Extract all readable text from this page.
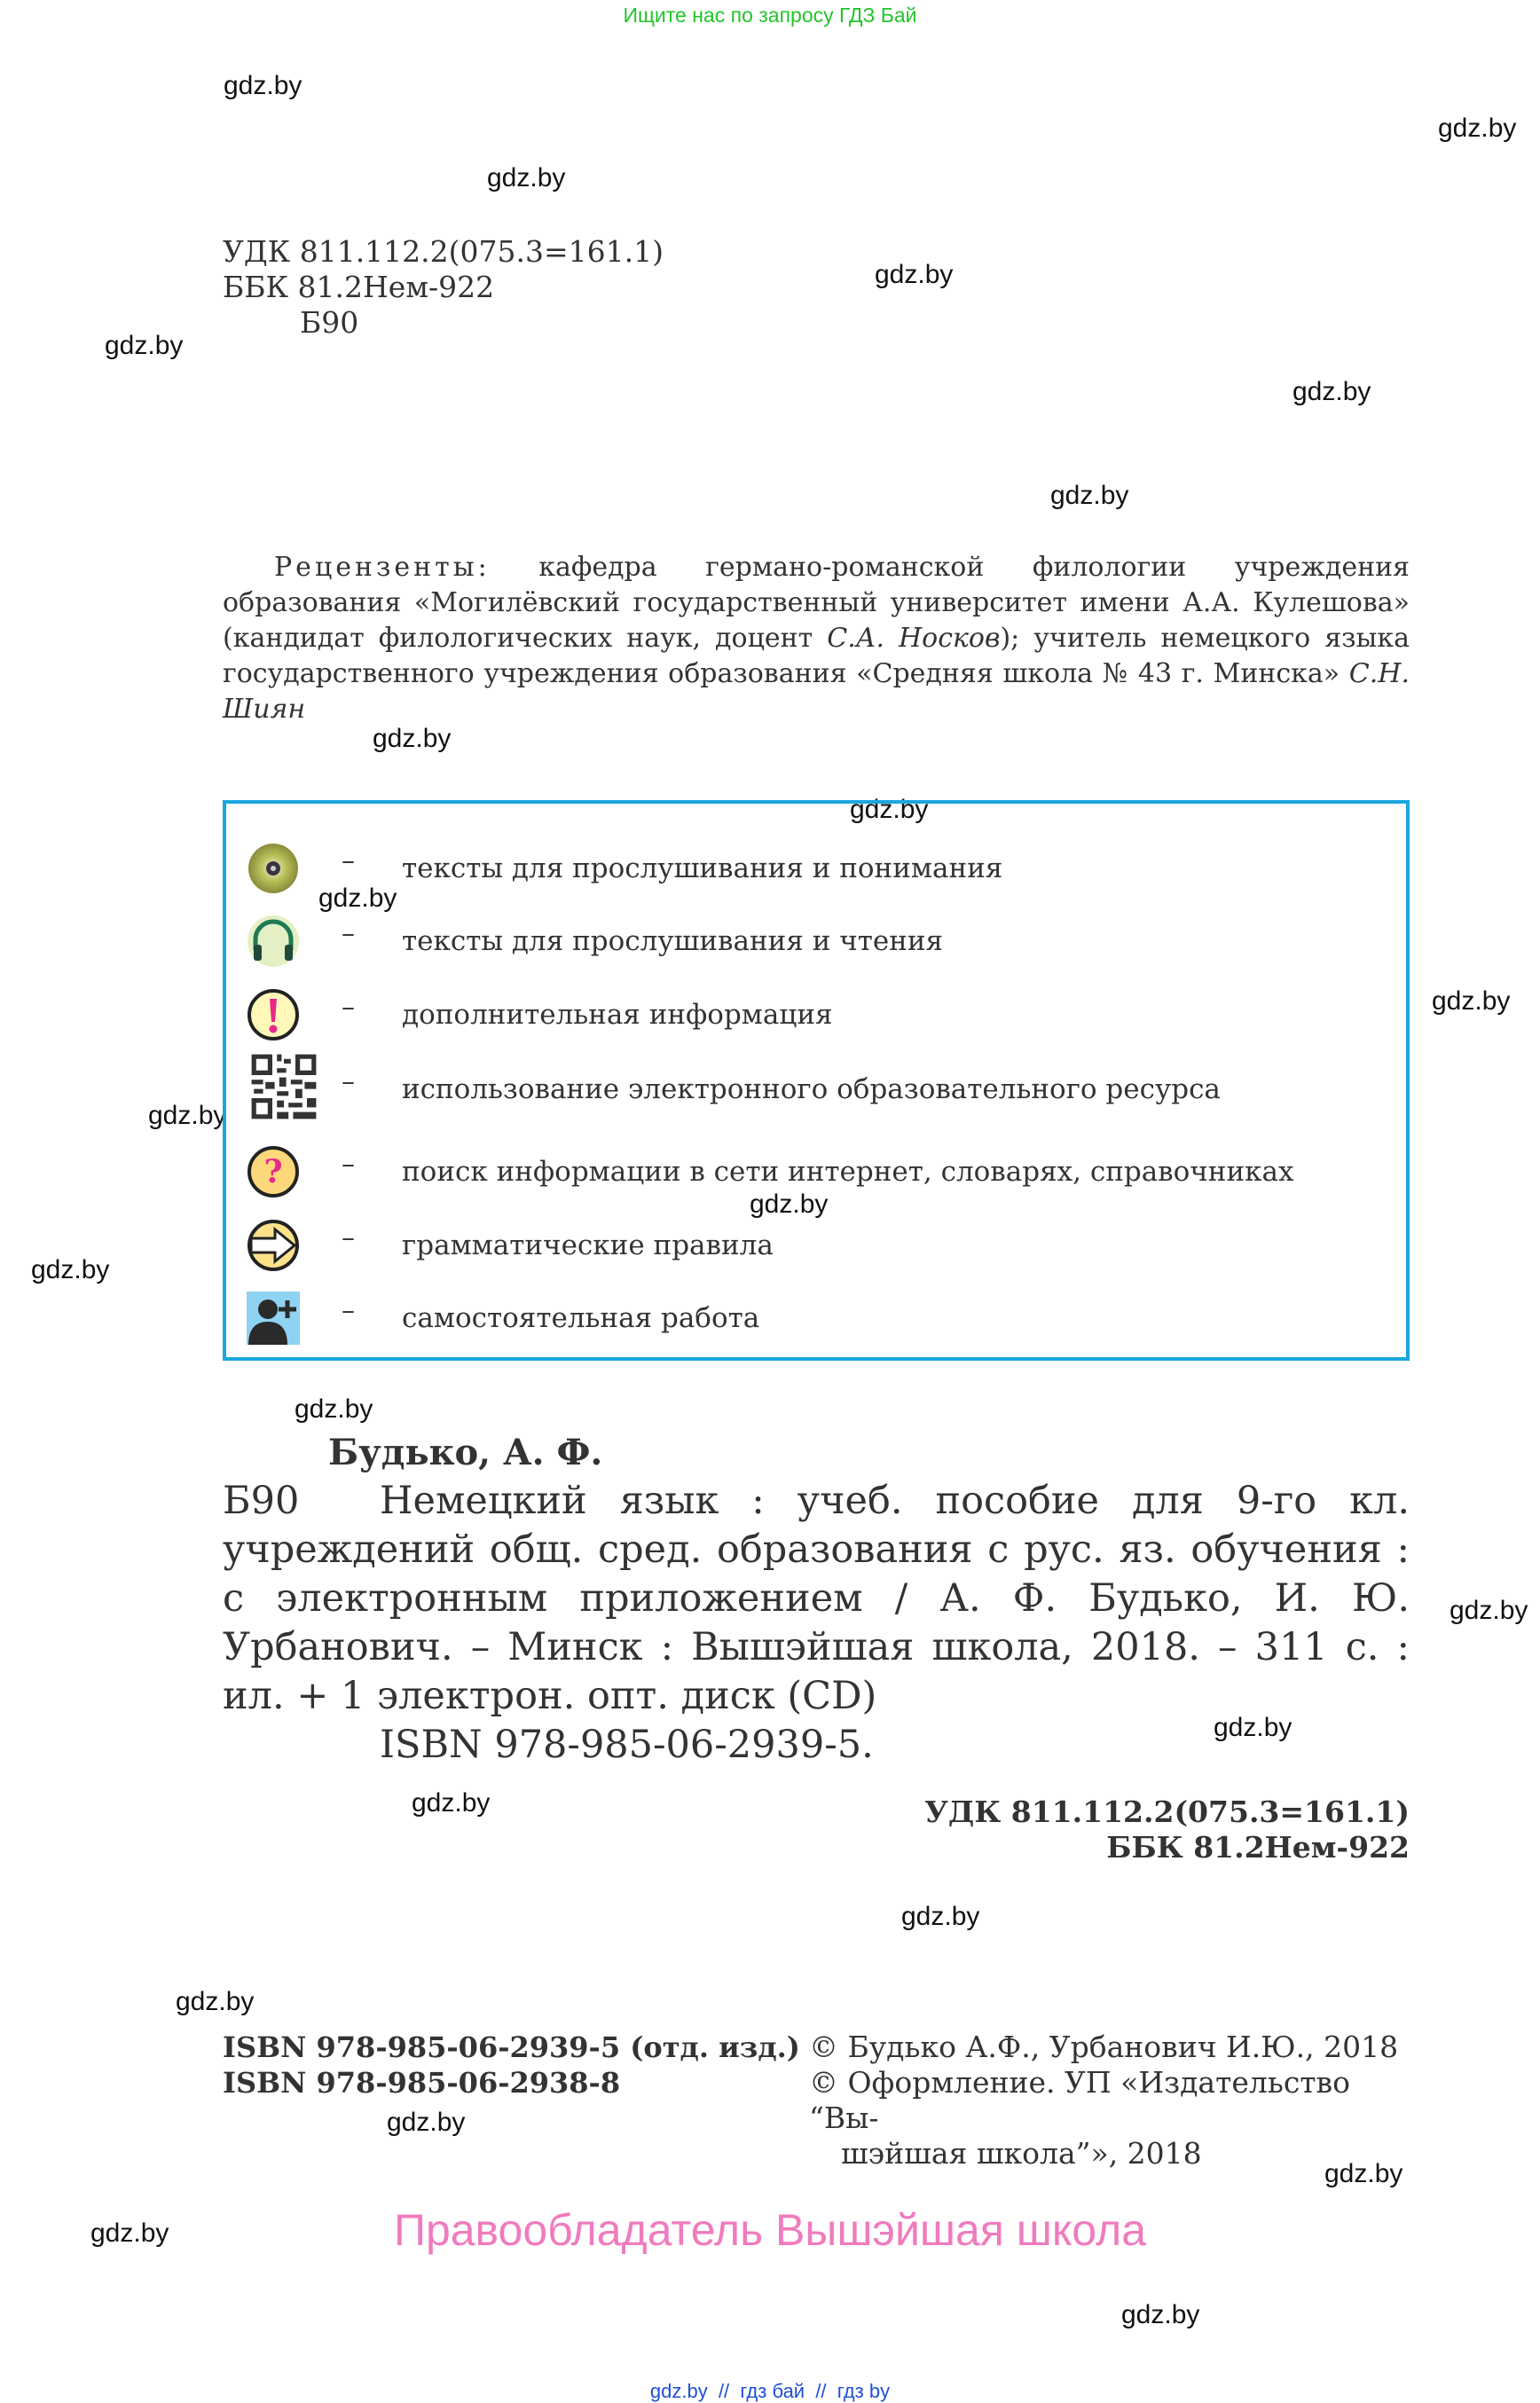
Ищите нас по запросу ГДЗ Бай
gdz.by
gdz.by
gdz.by
gdz.by
gdz.by
gdz.by
gdz.by
gdz.by
gdz.by
gdz.by
gdz.by
gdz.by
gdz.by
gdz.by
gdz.by
gdz.by
gdz.by
gdz.by
gdz.by
gdz.by
gdz.by
gdz.by
gdz.by
gdz.by
УДК 811.112.2(075.3=161.1)
ББК 81.2Нем-922
Б90
Рецензенты: кафедра германо-романской филологии учреждения образования «Могилёвский государственный университет имени А.А. Кулешова» (кандидат филологических наук, доцент С.А. Носков); учитель немецкого языка государственного учреждения образования «Средняя школа № 43 г. Минска» С.Н. Шиян
– тексты для прослушивания и понимания
– тексты для прослушивания и чтения
– дополнительная информация
– использование электронного образовательного ресурса
? – поиск информации в сети интернет, словарях, справочниках
– грамматические правила
– самостоятельная работа
Будько, А. Ф.
Б90 Немецкий язык : учеб. пособие для 9-го кл. учреждений общ. сред. образования с рус. яз. обучения : с электронным приложением / А. Ф. Будько, И. Ю. Урбанович. – Минск : Вышэйшая школа, 2018. – 311 с. : ил. + 1 электрон. опт. диск (CD)
ISBN 978-985-06-2939-5.
УДК 811.112.2(075.3=161.1)
ББК 81.2Нем-922
ISBN 978-985-06-2939-5 (отд. изд.)
ISBN 978-985-06-2938-8
© Будько А.Ф., Урбанович И.Ю., 2018
© Оформление. УП «Издательство “Вы-
шэйшая школа”», 2018
Правообладатель Вышэйшая школа
gdz.by  //  гдз бай  //  гдз by
